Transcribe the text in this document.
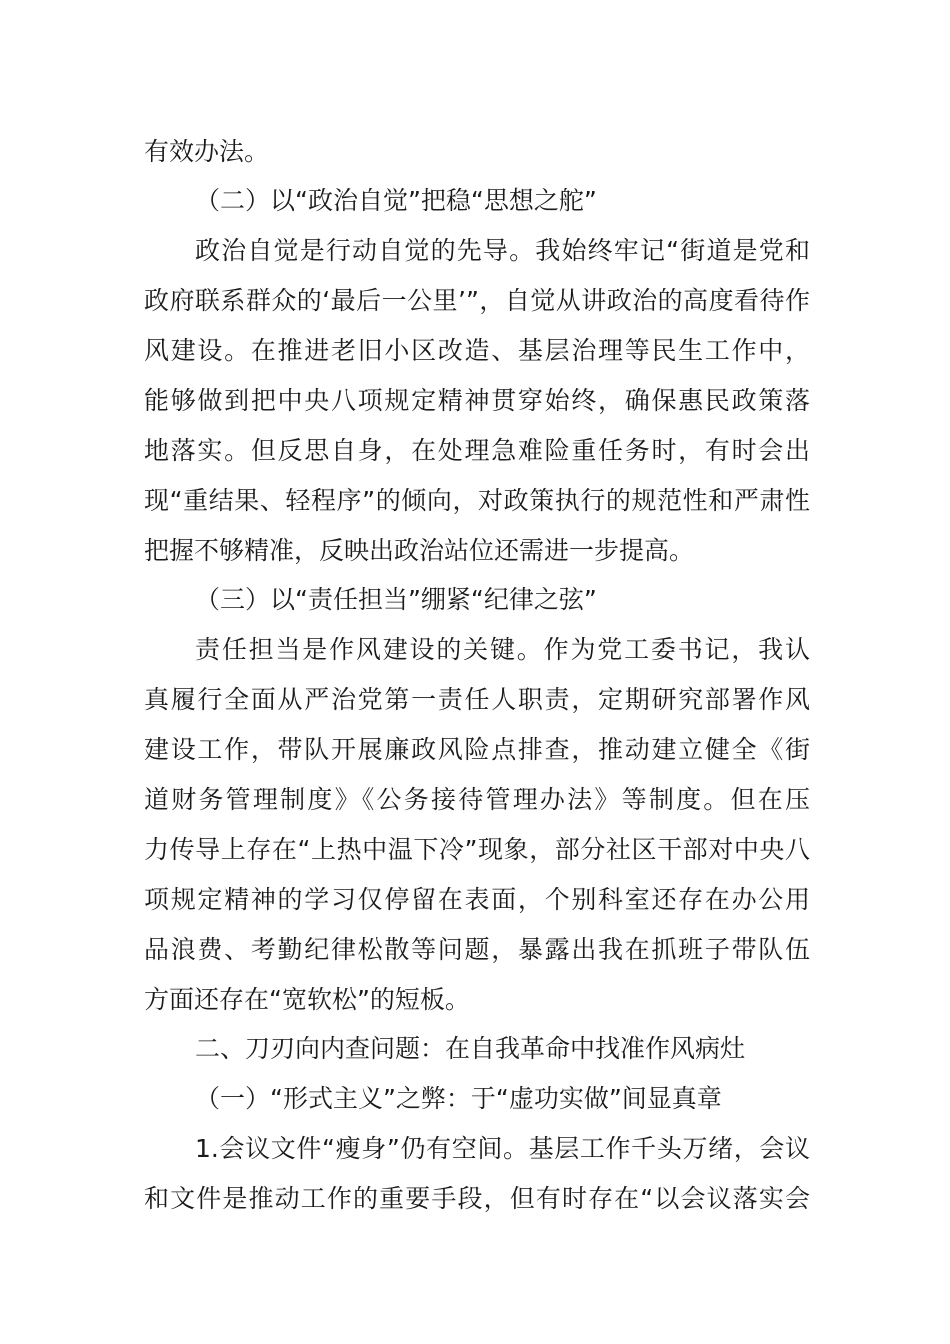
有效办法。
（二）以“政治自觉”把稳“思想之舵”
政治自觉是行动自觉的先导。我始终牢记“街道是党和
政府联系群众的‘最后一公里’”，自觉从讲政治的高度看待作
风建设。在推进老旧小区改造、基层治理等民生工作中，
能够做到把中央八项规定精神贯穿始终，确保惠民政策落
地落实。但反思自身，在处理急难险重任务时，有时会出
现“重结果、轻程序”的倾向，对政策执行的规范性和严肃性
把握不够精准，反映出政治站位还需进一步提高。
（三）以“责任担当”绷紧“纪律之弦”
责任担当是作风建设的关键。作为党工委书记，我认
真履行全面从严治党第一责任人职责，定期研究部署作风
建设工作，带队开展廉政风险点排查，推动建立健全《街
道财务管理制度》《公务接待管理办法》等制度。但在压
力传导上存在“上热中温下冷”现象，部分社区干部对中央八
项规定精神的学习仅停留在表面，个别科室还存在办公用
品浪费、考勤纪律松散等问题，暴露出我在抓班子带队伍
方面还存在“宽软松”的短板。
二、刀刃向内查问题：在自我革命中找准作风病灶
（一）“形式主义”之弊：于“虚功实做”间显真章
1.会议文件“瘦身”仍有空间。基层工作千头万绪，会议
和文件是推动工作的重要手段，但有时存在“以会议落实会
